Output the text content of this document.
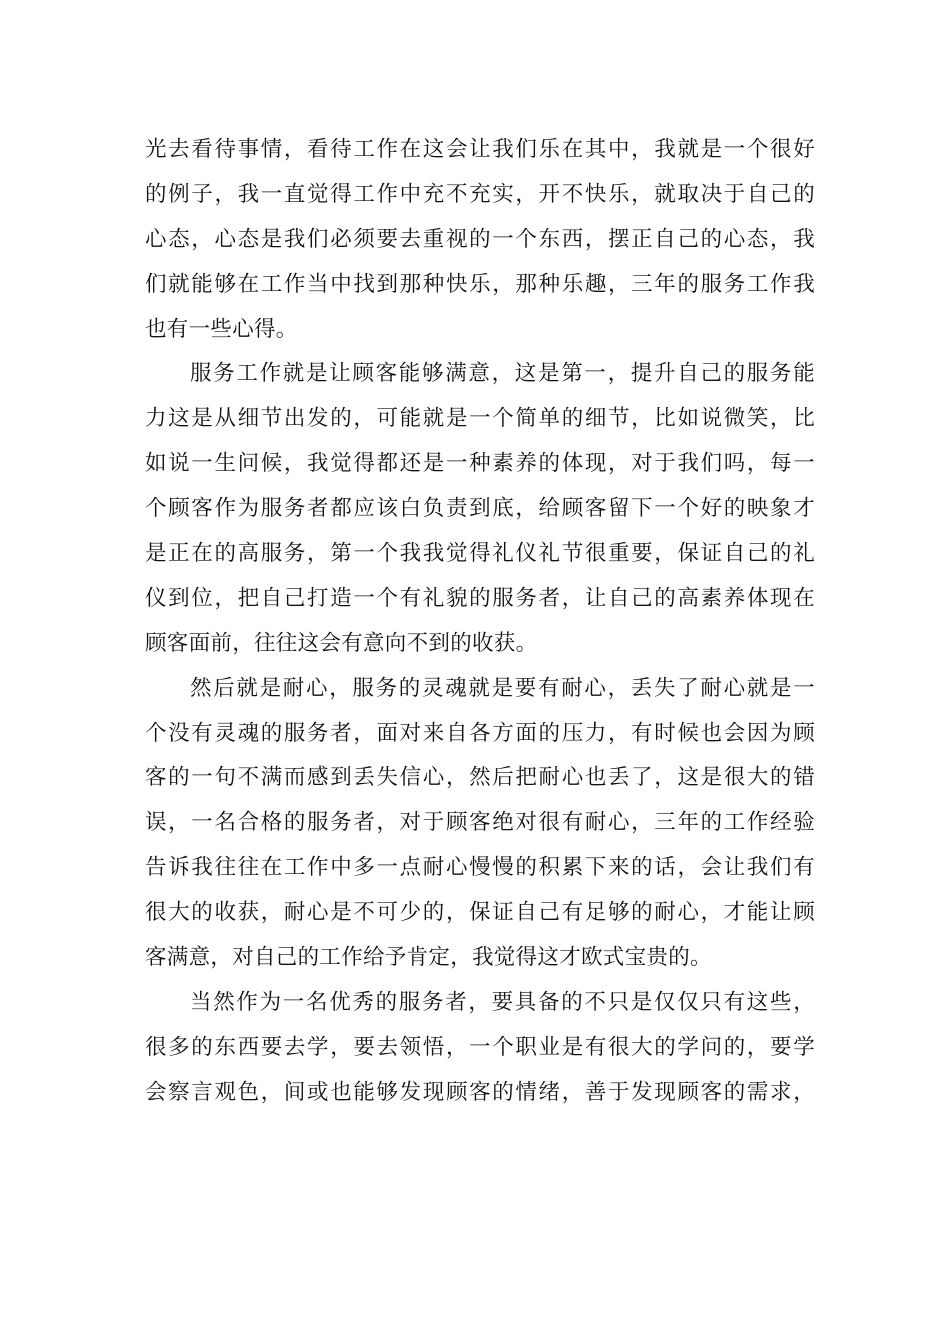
光去看待事情，看待工作在这会让我们乐在其中，我就是一个很好
的例子，我一直觉得工作中充不充实，开不快乐，就取决于自己的
心态，心态是我们必须要去重视的一个东西，摆正自己的心态，我
们就能够在工作当中找到那种快乐，那种乐趣，三年的服务工作我
也有一些心得。
服务工作就是让顾客能够满意，这是第一，提升自己的服务能
力这是从细节出发的，可能就是一个简单的细节，比如说微笑，比
如说一生问候，我觉得都还是一种素养的体现，对于我们吗，每一
个顾客作为服务者都应该白负责到底，给顾客留下一个好的映象才
是正在的高服务，第一个我我觉得礼仪礼节很重要，保证自己的礼
仪到位，把自己打造一个有礼貌的服务者，让自己的高素养体现在
顾客面前，往往这会有意向不到的收获。
然后就是耐心，服务的灵魂就是要有耐心，丢失了耐心就是一
个没有灵魂的服务者，面对来自各方面的压力，有时候也会因为顾
客的一句不满而感到丢失信心，然后把耐心也丢了，这是很大的错
误，一名合格的服务者，对于顾客绝对很有耐心，三年的工作经验
告诉我往往在工作中多一点耐心慢慢的积累下来的话，会让我们有
很大的收获，耐心是不可少的，保证自己有足够的耐心，才能让顾
客满意，对自己的工作给予肯定，我觉得这才欧式宝贵的。
当然作为一名优秀的服务者，要具备的不只是仅仅只有这些，
很多的东西要去学，要去领悟，一个职业是有很大的学问的，要学
会察言观色，间或也能够发现顾客的情绪，善于发现顾客的需求，
